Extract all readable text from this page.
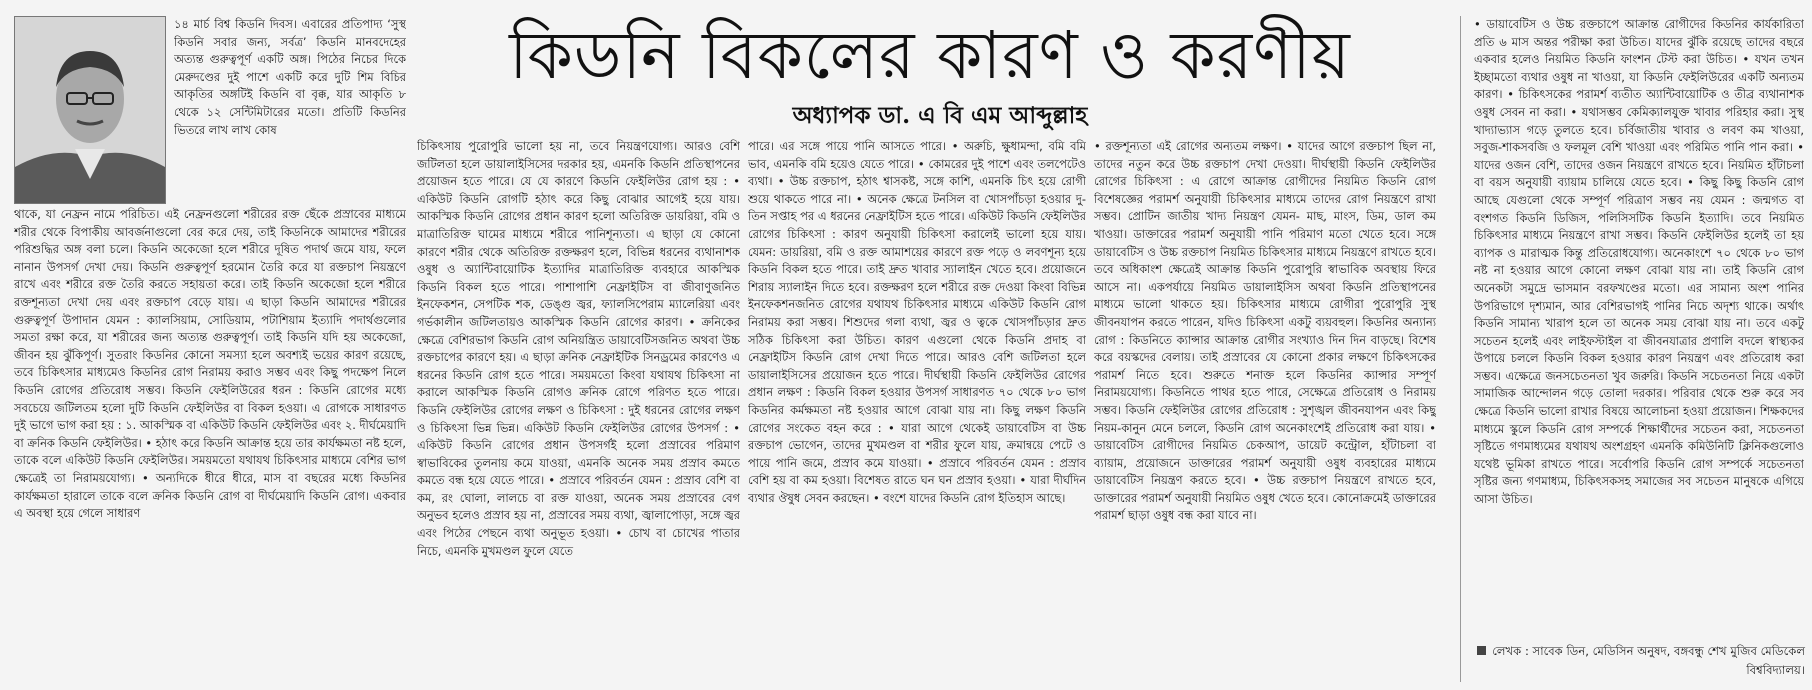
১৪ মার্চ বিশ্ব কিডনি দিবস। এবারের প্রতিপাদ্য ‘সুস্থ কিডনি সবার জন্য, সর্বত্র’ কিডনি মানবদেহের অত্যন্ত গুরুত্বপূর্ণ একটি অঙ্গ। পিঠের নিচের দিকে মেরুদণ্ডের দুই পাশে একটি করে দুটি শিম বিচির আকৃতির অঙ্গটিই কিডনি বা বৃক্ক, যার আকৃতি ৮ থেকে ১২ সেন্টিমিটারের মতো। প্রতিটি কিডনির ভিতরে লাখ লাখ কোষ

থাকে, যা নেফ্রন নামে পরিচিত। এই নেফ্রনগুলো শরীরের রক্ত ছেঁকে প্রস্রাবের মাধ্যমে শরীর থেকে বিপাকীয় আবর্জনাগুলো বের করে দেয়, তাই কিডনিকে আমাদের শরীরের পরিশুদ্ধির অঙ্গ বলা চলে। কিডনি অকেজো হলে শরীরে দূষিত পদার্থ জমে যায়, ফলে নানান উপসর্গ দেখা দেয়। কিডনি গুরুত্বপূর্ণ হরমোন তৈরি করে যা রক্তচাপ নিয়ন্ত্রণে রাখে এবং শরীরে রক্ত তৈরি করতে সহায়তা করে। তাই কিডনি অকেজো হলে শরীরে রক্তশূন্যতা দেখা দেয় এবং রক্তচাপ বেড়ে যায়। এ ছাড়া কিডনি আমাদের শরীরের গুরুত্বপূর্ণ উপাদান যেমন : ক্যালসিয়াম, সোডিয়াম, পটাশিয়াম ইত্যাদি পদার্থগুলোর সমতা রক্ষা করে, যা শরীরের জন্য অত্যন্ত গুরুত্বপূর্ণ। তাই কিডনি যদি হয় অকেজো, জীবন হয় ঝুঁকিপূর্ণ। সুতরাং কিডনির কোনো সমস্যা হলে অবশ্যই ভয়ের কারণ রয়েছে, তবে চিকিৎসার মাধ্যমেও কিডনির রোগ নিরাময় করাও সম্ভব এবং কিছু পদক্ষেপ নিলে কিডনি রোগের প্রতিরোধ সম্ভব। কিডনি ফেইলিউরের ধরন : কিডনি রোগের মধ্যে সবচেয়ে জটিলতম হলো দুটি কিডনি ফেইলিউর বা বিকল হওয়া। এ রোগকে সাধারণত দুই ভাগে ভাগ করা হয় : ১. আকস্মিক বা একিউট কিডনি ফেইলিউর এবং ২. দীর্ঘমেয়াদি বা ক্রনিক কিডনি ফেইলিউর। • হঠাৎ করে কিডনি আক্রান্ত হয়ে তার কার্যক্ষমতা নষ্ট হলে, তাকে বলে একিউট কিডনি ফেইলিউর। সময়মতো যথাযথ চিকিৎসার মাধ্যমে বেশির ভাগ ক্ষেত্রেই তা নিরাময়যোগ্য। • অন্যদিকে ধীরে ধীরে, মাস বা বছরের মধ্যে কিডনির কার্যক্ষমতা হারালে তাকে বলে ক্রনিক কিডনি রোগ বা দীর্ঘমেয়াদি কিডনি রোগ। একবার এ অবস্থা হয়ে গেলে সাধারণ

কিডনি বিকলের কারণ ও করণীয়
অধ্যাপক ডা. এ বি এম আব্দুল্লাহ

চিকিৎসায় পুরোপুরি ভালো হয় না, তবে নিয়ন্ত্রণযোগ্য। আরও বেশি জটিলতা হলে ডায়ালাইসিসের দরকার হয়, এমনকি কিডনি প্রতিস্থাপনের প্রয়োজন হতে পারে। যে যে কারণে কিডনি ফেইলিউর রোগ হয় : • একিউট কিডনি রোগটি হঠাৎ করে কিছু বোঝার আগেই হয়ে যায়। আকস্মিক কিডনি রোগের প্রধান কারণ হলো অতিরিক্ত ডায়রিয়া, বমি ও মাত্রাতিরিক্ত ঘামের মাধ্যমে শরীরে পানিশূন্যতা। এ ছাড়া যে কোনো কারণে শরীর থেকে অতিরিক্ত রক্তক্ষরণ হলে, বিভিন্ন ধরনের ব্যথানাশক ওষুধ ও অ্যান্টিবায়োটিক ইত্যাদির মাত্রাতিরিক্ত ব্যবহারে আকস্মিক কিডনি বিকল হতে পারে। পাশাপাশি নেফ্রাইটিস বা জীবাণুজনিত ইনফেকশন, সেপটিক শক, ডেঙ্গু জ্বর, ফ্যালসিপেরাম ম্যালেরিয়া এবং গর্ভকালীন জটিলতায়ও আকস্মিক কিডনি রোগের কারণ। • ক্রনিকের ক্ষেত্রে বেশিরভাগ কিডনি রোগ অনিয়ন্ত্রিত ডায়াবেটিসজনিত অথবা উচ্চ রক্তচাপের কারণে হয়। এ ছাড়া ক্রনিক নেফ্রাইটিক সিনড্রমের কারণেও এ ধরনের কিডনি রোগ হতে পারে। সময়মতো কিংবা যথাযথ চিকিৎসা না করালে আকস্মিক কিডনি রোগও ক্রনিক রোগে পরিণত হতে পারে। কিডনি ফেইলিউর রোগের লক্ষণ ও চিকিৎসা : দুই ধরনের রোগের লক্ষণ ও চিকিৎসা ভিন্ন ভিন্ন। একিউট কিডনি ফেইলিউর রোগের উপসর্গ : • একিউট কিডনি রোগের প্রধান উপসর্গই হলো প্রস্রাবের পরিমাণ স্বাভাবিকের তুলনায় কমে যাওয়া, এমনকি অনেক সময় প্রস্রাব কমতে কমতে বন্ধ হয়ে যেতে পারে। • প্রস্রাবে পরিবর্তন যেমন : প্রস্রাব বেশি বা কম, রং ঘোলা, লালচে বা রক্ত যাওয়া, অনেক সময় প্রস্রাবের বেগ অনুভব হলেও প্রস্রাব হয় না, প্রস্রাবের সময় ব্যথা, জ্বালাপোড়া, সঙ্গে জ্বর এবং পিঠের পেছনে ব্যথা অনুভূত হওয়া। • চোখ বা চোখের পাতার নিচে, এমনকি মুখমণ্ডল ফুলে যেতে

পারে। এর সঙ্গে পায়ে পানি আসতে পারে। • অরুচি, ক্ষুধামন্দা, বমি বমি ভাব, এমনকি বমি হয়েও যেতে পারে। • কোমরের দুই পাশে এবং তলপেটেও ব্যথা। • উচ্চ রক্তচাপ, হঠাৎ শ্বাসকষ্ট, সঙ্গে কাশি, এমনকি চিৎ হয়ে রোগী শুয়ে থাকতে পারে না। • অনেক ক্ষেত্রে টনসিল বা খোসপাঁচড়া হওয়ার দু-তিন সপ্তাহ পর এ ধরনের নেফ্রাইটিস হতে পারে। একিউট কিডনি ফেইলিউর রোগের চিকিৎসা : কারণ অনুযায়ী চিকিৎসা করালেই ভালো হয়ে যায়। যেমন: ডায়রিয়া, বমি ও রক্ত আমাশয়ের কারণে রক্ত পড়ে ও লবণশূন্য হয়ে কিডনি বিকল হতে পারে। তাই দ্রুত খাবার স্যালাইন খেতে হবে। প্রয়োজনে শিরায় স্যালাইন দিতে হবে। রক্তক্ষরণ হলে শরীরে রক্ত দেওয়া কিংবা বিভিন্ন ইনফেকশনজনিত রোগের যথাযথ চিকিৎসার মাধ্যমে একিউট কিডনি রোগ নিরাময় করা সম্ভব। শিশুদের গলা ব্যথা, জ্বর ও ত্বকে খোসপাঁচড়ার দ্রুত সঠিক চিকিৎসা করা উচিত। কারণ এগুলো থেকে কিডনি প্রদাহ বা নেফ্রাইটিস কিডনি রোগ দেখা দিতে পারে। আরও বেশি জটিলতা হলে ডায়ালাইসিসের প্রয়োজন হতে পারে। দীর্ঘস্থায়ী কিডনি ফেইলিউর রোগের প্রধান লক্ষণ : কিডনি বিকল হওয়ার উপসর্গ সাধারণত ৭০ থেকে ৮০ ভাগ কিডনির কর্মক্ষমতা নষ্ট হওয়ার আগে বোঝা যায় না। কিছু লক্ষণ কিডনি রোগের সংকেত বহন করে : • যারা আগে থেকেই ডায়াবেটিস বা উচ্চ রক্তচাপ ভোগেন, তাদের মুখমণ্ডল বা শরীর ফুলে যায়, ক্রমান্বয়ে পেটে ও পায়ে পানি জমে, প্রস্রাব কমে যাওয়া। • প্রস্রাবে পরিবর্তন যেমন : প্রস্রাব বেশি হয় বা কম হওয়া। বিশেষত রাতে ঘন ঘন প্রস্রাব হওয়া। • যারা দীর্ঘদিন ব্যথার ঔষুধ সেবন করছেন। • বংশে যাদের কিডনি রোগ ইতিহাস আছে।

• রক্তশূন্যতা এই রোগের অন্যতম লক্ষণ। • যাদের আগে রক্তচাপ ছিল না, তাদের নতুন করে উচ্চ রক্তচাপ দেখা দেওয়া। দীর্ঘস্থায়ী কিডনি ফেইলিউর রোগের চিকিৎসা : এ রোগে আক্রান্ত রোগীদের নিয়মিত কিডনি রোগ বিশেষজ্ঞের পরামর্শ অনুযায়ী চিকিৎসার মাধ্যমে তাদের রোগ নিয়ন্ত্রণে রাখা সম্ভব। প্রোটিন জাতীয় খাদ্য নিয়ন্ত্রণ যেমন- মাছ, মাংস, ডিম, ডাল কম খাওয়া। ডাক্তারের পরামর্শ অনুযায়ী পানি পরিমাণ মতো খেতে হবে। সঙ্গে ডায়াবেটিস ও উচ্চ রক্তচাপ নিয়মিত চিকিৎসার মাধ্যমে নিয়ন্ত্রণে রাখতে হবে। তবে অধিকাংশ ক্ষেত্রেই আক্রান্ত কিডনি পুরোপুরি স্বাভাবিক অবস্থায় ফিরে আসে না। একপর্যায়ে নিয়মিত ডায়ালাইসিস অথবা কিডনি প্রতিস্থাপনের মাধ্যমে ভালো থাকতে হয়। চিকিৎসার মাধ্যমে রোগীরা পুরোপুরি সুস্থ জীবনযাপন করতে পারেন, যদিও চিকিৎসা একটু ব্যয়বহুল। কিডনির অন্যান্য রোগ : কিডনিতে ক্যান্সার আক্রান্ত রোগীর সংখ্যাও দিন দিন বাড়ছে। বিশেষ করে বয়স্কদের বেলায়। তাই প্রস্রাবের যে কোনো প্রকার লক্ষণে চিকিৎসকের পরামর্শ নিতে হবে। শুরুতে শনাক্ত হলে কিডনির ক্যান্সার সম্পূর্ণ নিরাময়যোগ্য। কিডনিতে পাথর হতে পারে, সেক্ষেত্রে প্রতিরোধ ও নিরাময় সম্ভব। কিডনি ফেইলিউর রোগের প্রতিরোধ : সুশৃঙ্খল জীবনযাপন এবং কিছু নিয়ম-কানুন মেনে চললে, কিডনি রোগ অনেকাংশেই প্রতিরোধ করা যায়। • ডায়াবেটিস রোগীদের নিয়মিত চেকআপ, ডায়েট কন্ট্রোল, হাঁটাচলা বা ব্যায়াম, প্রয়োজনে ডাক্তারের পরামর্শ অনুযায়ী ওষুধ ব্যবহারের মাধ্যমে ডায়াবেটিস নিয়ন্ত্রণ করতে হবে। • উচ্চ রক্তচাপ নিয়ন্ত্রণে রাখতে হবে, ডাক্তারের পরামর্শ অনুযায়ী নিয়মিত ওষুধ খেতে হবে। কোনোক্রমেই ডাক্তারের পরামর্শ ছাড়া ওষুধ বন্ধ করা যাবে না।

• ডায়াবেটিস ও উচ্চ রক্তচাপে আক্রান্ত রোগীদের কিডনির কার্যকারিতা প্রতি ৬ মাস অন্তর পরীক্ষা করা উচিত। যাদের ঝুঁকি রয়েছে তাদের বছরে একবার হলেও নিয়মিত কিডনি ফাংশন টেস্ট করা উচিত। • যখন তখন ইচ্ছামতো ব্যথার ওষুধ না খাওয়া, যা কিডনি ফেইলিউরের একটি অন্যতম কারণ। • চিকিৎসকের পরামর্শ ব্যতীত অ্যান্টিবায়োটিক ও তীব্র ব্যথানাশক ওষুধ সেবন না করা। • যথাসম্ভব কেমিক্যালযুক্ত খাবার পরিহার করা। সুস্থ খাদ্যাভ্যাস গড়ে তুলতে হবে। চর্বিজাতীয় খাবার ও লবণ কম খাওয়া, সবুজ-শাকসবজি ও ফলমূল বেশি খাওয়া এবং পরিমিত পানি পান করা। • যাদের ওজন বেশি, তাদের ওজন নিয়ন্ত্রণে রাখতে হবে। নিয়মিত হাঁটাচলা বা বয়স অনুযায়ী ব্যায়াম চালিয়ে যেতে হবে। • কিছু কিছু কিডনি রোগ আছে যেগুলো থেকে সম্পূর্ণ পরিত্রাণ সম্ভব নয় যেমন : জন্মগত বা বংশগত কিডনি ডিজিস, পলিসিসটিক কিডনি ইত্যাদি। তবে নিয়মিত চিকিৎসার মাধ্যমে নিয়ন্ত্রণে রাখা সম্ভব। কিডনি ফেইলিউর হলেই তা হয় ব্যাপক ও মারাত্মক কিন্তু প্রতিরোধযোগ্য। অনেকাংশে ৭০ থেকে ৮০ ভাগ নষ্ট না হওয়ার আগে কোনো লক্ষণ বোঝা যায় না। তাই কিডনি রোগ অনেকটা সমুদ্রে ভাসমান বরফখণ্ডের মতো। এর সামান্য অংশ পানির উপরিভাগে দৃশ্যমান, আর বেশিরভাগই পানির নিচে অদৃশ্য থাকে। অর্থাৎ কিডনি সামান্য খারাপ হলে তা অনেক সময় বোঝা যায় না। তবে একটু সচেতন হলেই এবং লাইফস্টাইল বা জীবনযাত্রার প্রণালি বদলে স্বাস্থ্যকর উপায়ে চললে কিডনি বিকল হওয়ার কারণ নিয়ন্ত্রণ এবং প্রতিরোধ করা সম্ভব। এক্ষেত্রে জনসচেতনতা খুব জরুরি। কিডনি সচেতনতা নিয়ে একটা সামাজিক আন্দোলন গড়ে তোলা দরকার। পরিবার থেকে শুরু করে সব ক্ষেত্রে কিডনি ভালো রাখার বিষয়ে আলোচনা হওয়া প্রয়োজন। শিক্ষকদের মাধ্যমে স্কুলে কিডনি রোগ সম্পর্কে শিক্ষার্থীদের সচেতন করা, সচেতনতা সৃষ্টিতে গণমাধ্যমের যথাযথ অংশগ্রহণ এমনকি কমিউনিটি ক্লিনিকগুলোও যথেষ্ট ভূমিকা রাখতে পারে। সর্বোপরি কিডনি রোগ সম্পর্কে সচেতনতা সৃষ্টির জন্য গণমাধ্যম, চিকিৎসকসহ সমাজের সব সচেতন মানুষকে এগিয়ে আসা উচিত।

লেখক : সাবেক ডিন, মেডিসিন অনুষদ, বঙ্গবন্ধু শেখ মুজিব মেডিকেল বিশ্ববিদ্যালয়।
